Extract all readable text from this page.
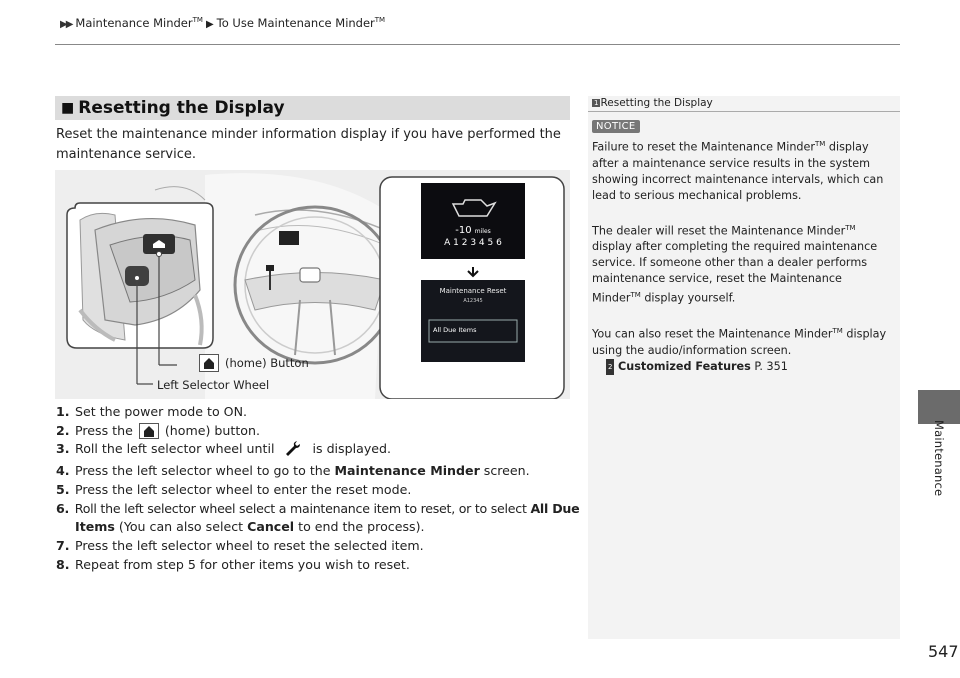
▶▶ Maintenance Minder™ ▶ To Use Maintenance Minder™
Maintenance
547
■ Resetting the Display
Reset the maintenance minder information display if you have performed the maintenance service.
-10 miles
A 1 2 3 4 5 6
Maintenance Reset
A12345
All Due Items
(home) Button
Left Selector Wheel
1. Set the power mode to ON.
2. Press the	(home) button.
3. Roll the left selector wheel until	is displayed.
4. Press the left selector wheel to go to the Maintenance Minder screen.
5. Press the left selector wheel to enter the reset mode.
6. Roll the left selector wheel select a maintenance item to reset, or to select All Due
Items (You can also select Cancel to end the process).
7. Press the left selector wheel to reset the selected item.
8. Repeat from step 5 for other items you wish to reset.
1 Resetting the Display
NOTICE

Failure to reset the Maintenance Minder™ display after a maintenance service results in the system showing incorrect maintenance intervals, which can lead to serious mechanical problems.

The dealer will reset the Maintenance Minder™ display after completing the required maintenance service. If someone other than a dealer performs maintenance service, reset the Maintenance Minder™ display yourself.

You can also reset the Maintenance Minder™ display using the audio/information screen.

2 Customized Features P. 351
